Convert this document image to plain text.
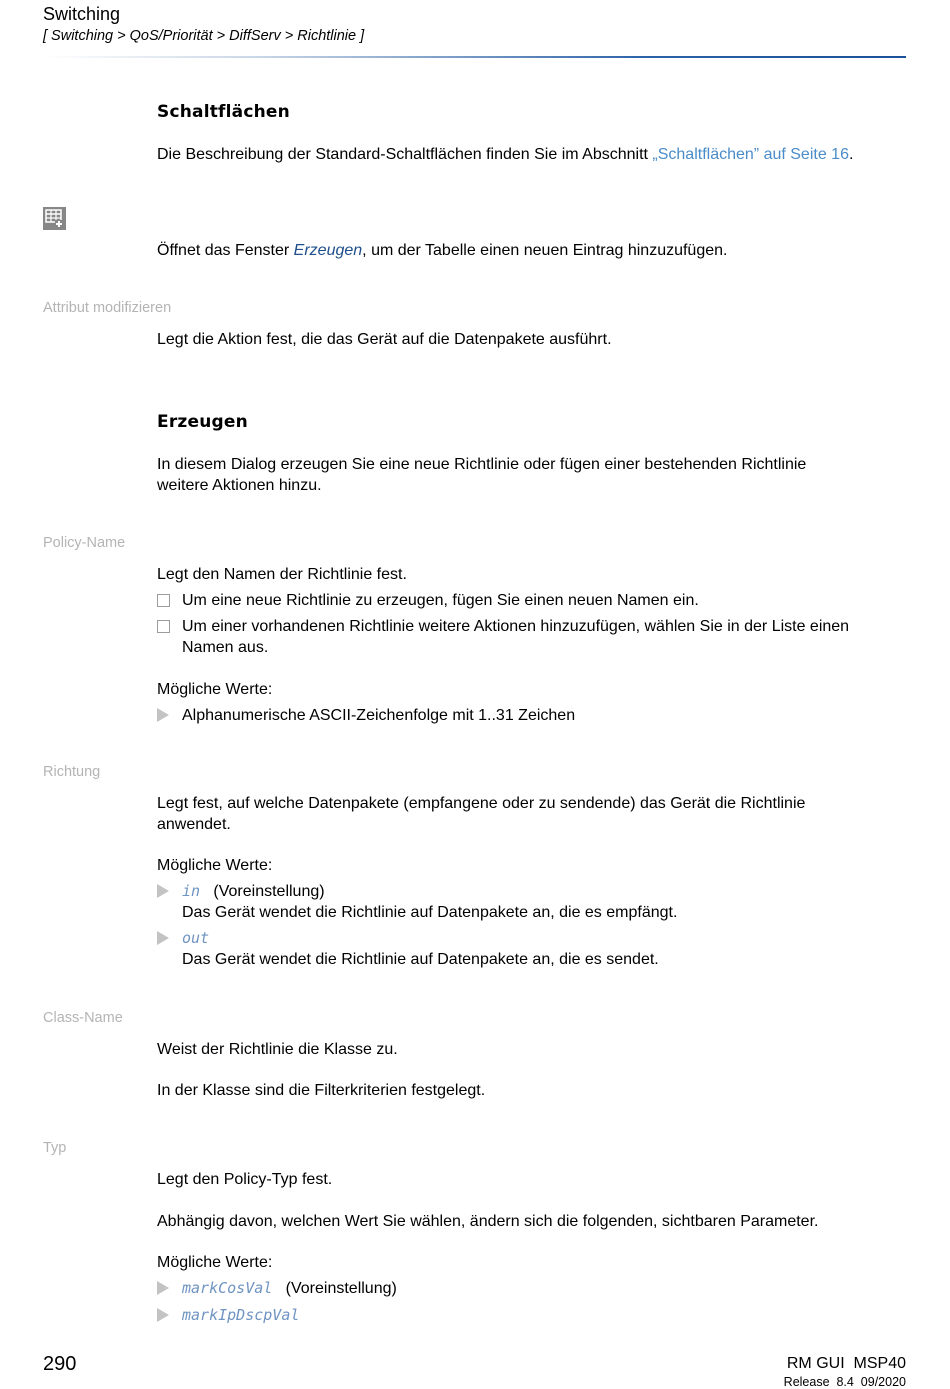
Switching
[ Switching > QoS/Priorität > DiffServ > Richtlinie ]
Schaltflächen
Die Beschreibung der Standard-Schaltflächen finden Sie im Abschnitt „Schaltflächen” auf Seite 16.
Öffnet das Fenster Erzeugen, um der Tabelle einen neuen Eintrag hinzuzufügen.
Attribut modifizieren
Legt die Aktion fest, die das Gerät auf die Datenpakete ausführt.
Erzeugen
In diesem Dialog erzeugen Sie eine neue Richtlinie oder fügen einer bestehenden Richtlinie
weitere Aktionen hinzu.
Policy-Name
Legt den Namen der Richtlinie fest.
Um eine neue Richtlinie zu erzeugen, fügen Sie einen neuen Namen ein.
Um einer vorhandenen Richtlinie weitere Aktionen hinzuzufügen, wählen Sie in der Liste einen
Namen aus.
Mögliche Werte:
Alphanumerische ASCII-Zeichenfolge mit 1..31 Zeichen
Richtung
Legt fest, auf welche Datenpakete (empfangene oder zu sendende) das Gerät die Richtlinie
anwendet.
Mögliche Werte:
in (Voreinstellung)
Das Gerät wendet die Richtlinie auf Datenpakete an, die es empfängt.
out
Das Gerät wendet die Richtlinie auf Datenpakete an, die es sendet.
Class-Name
Weist der Richtlinie die Klasse zu.
In der Klasse sind die Filterkriterien festgelegt.
Typ
Legt den Policy-Typ fest.
Abhängig davon, welchen Wert Sie wählen, ändern sich die folgenden, sichtbaren Parameter.
Mögliche Werte:
markCosVal (Voreinstellung)
markIpDscpVal
290	RM GUI  MSP40
Release  8.4  09/2020
